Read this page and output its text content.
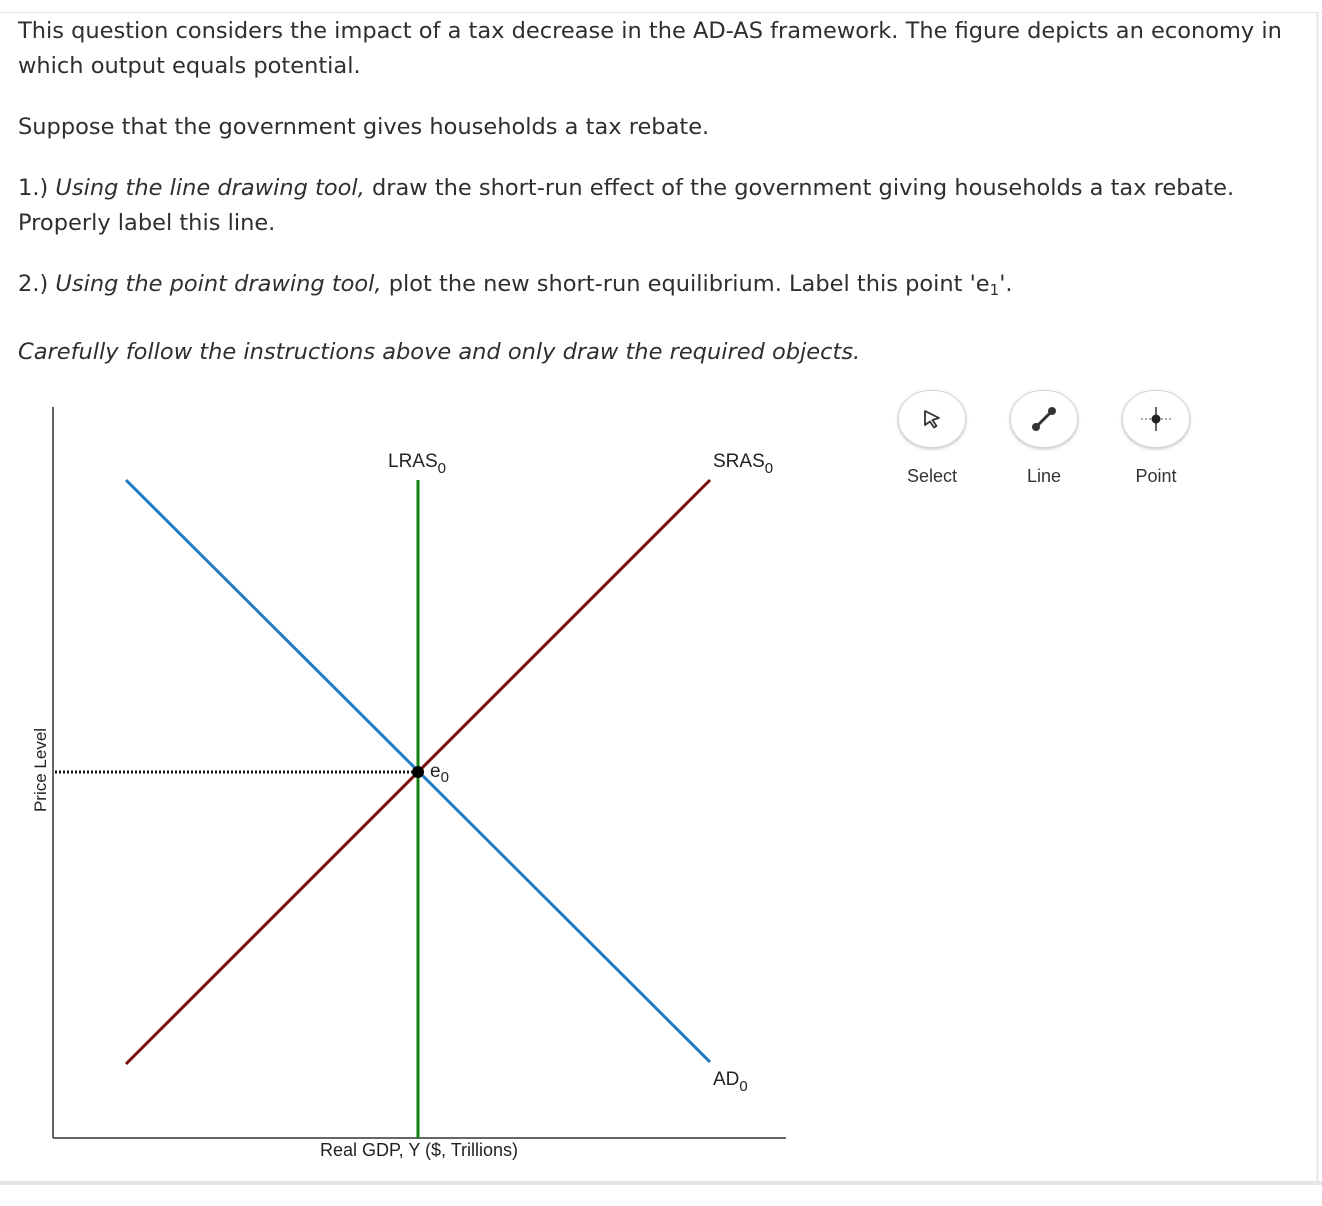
This question considers the impact of a tax decrease in the AD-AS framework. The figure depicts an economy in which output equals potential.

Suppose that the government gives households a tax rebate.

1.) Using the line drawing tool, draw the short-run effect of the government giving households a tax rebate. Properly label this line.

2.) Using the point drawing tool, plot the new short-run equilibrium. Label this point '$e_1$'.

Carefully follow the instructions above and only draw the required objects.

Price Level
Real GDP, Y ($, Trillions)
$LRAS_0$	$SRAS_0$
$AD_0$
$e_0$
Select	Line	Point
